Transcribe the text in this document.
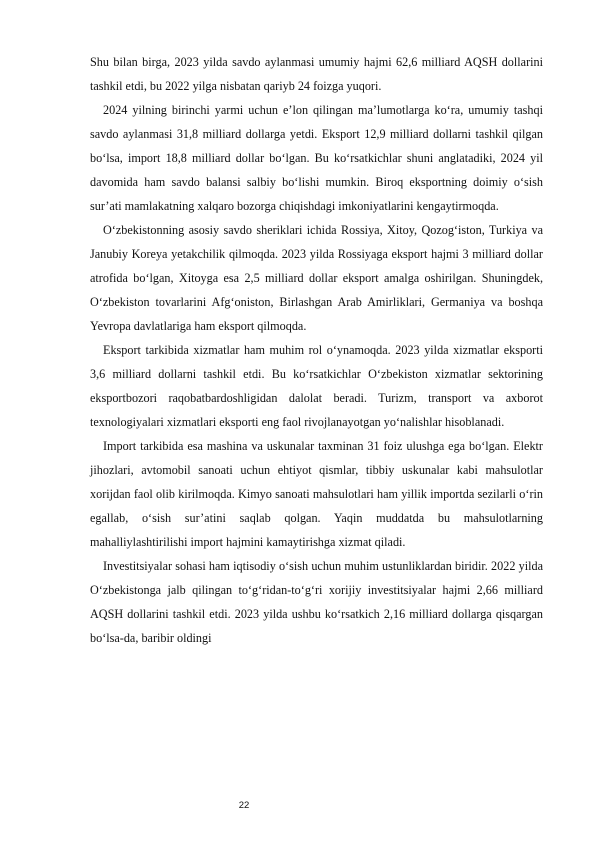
Shu bilan birga, 2023 yilda savdo aylanmasi umumiy hajmi 62,6 milliard AQSH dollarini tashkil etdi, bu 2022 yilga nisbatan qariyb 24 foizga yuqori.

2024 yilning birinchi yarmi uchun e’lon qilingan ma’lumotlarga ko‘ra, umumiy tashqi savdo aylanmasi 31,8 milliard dollarga yetdi. Eksport 12,9 milliard dollarni tashkil qilgan bo‘lsa, import 18,8 milliard dollar bo‘lgan. Bu ko‘rsatkichlar shuni anglatadiki, 2024 yil davomida ham savdo balansi salbiy bo‘lishi mumkin. Biroq eksportning doimiy o‘sish sur’ati mamlakatning xalqaro bozorga chiqishdagi imkoniyatlarini kengaytirmoqda.

O‘zbekistonning asosiy savdo sheriklari ichida Rossiya, Xitoy, Qozog‘iston, Turkiya va Janubiy Koreya yetakchilik qilmoqda. 2023 yilda Rossiyaga eksport hajmi 3 milliard dollar atrofida bo‘lgan, Xitoyga esa 2,5 milliard dollar eksport amalga oshirilgan. Shuningdek, O‘zbekiston tovarlarini Afg‘oniston, Birlashgan Arab Amirliklari, Germaniya va boshqa Yevropa davlatlariga ham eksport qilmoqda.

Eksport tarkibida xizmatlar ham muhim rol o‘ynamoqda. 2023 yilda xizmatlar eksporti 3,6 milliard dollarni tashkil etdi. Bu ko‘rsatkichlar O‘zbekiston xizmatlar sektorining eksportbozori raqobatbardoshligidan dalolat beradi. Turizm, transport va axborot texnologiyalari xizmatlari eksporti eng faol rivojlanayotgan yo‘nalishlar hisoblanadi.

Import tarkibida esa mashina va uskunalar taxminan 31 foiz ulushga ega bo‘lgan. Elektr jihozlari, avtomobil sanoati uchun ehtiyot qismlar, tibbiy uskunalar kabi mahsulotlar xorijdan faol olib kirilmoqda. Kimyo sanoati mahsulotlari ham yillik importda sezilarli o‘rin egallab, o‘sish sur’atini saqlab qolgan. Yaqin muddatda bu mahsulotlarning mahalliylashtirilishi import hajmini kamaytirishga xizmat qiladi.

Investitsiyalar sohasi ham iqtisodiy o‘sish uchun muhim ustunliklardan biridir. 2022 yilda O‘zbekistonga jalb qilingan to‘g‘ridan-to‘g‘ri xorijiy investitsiyalar hajmi 2,66 milliard AQSH dollarini tashkil etdi. 2023 yilda ushbu ko‘rsatkich 2,16 milliard dollarga qisqargan bo‘lsa-da, baribir oldingi

22
